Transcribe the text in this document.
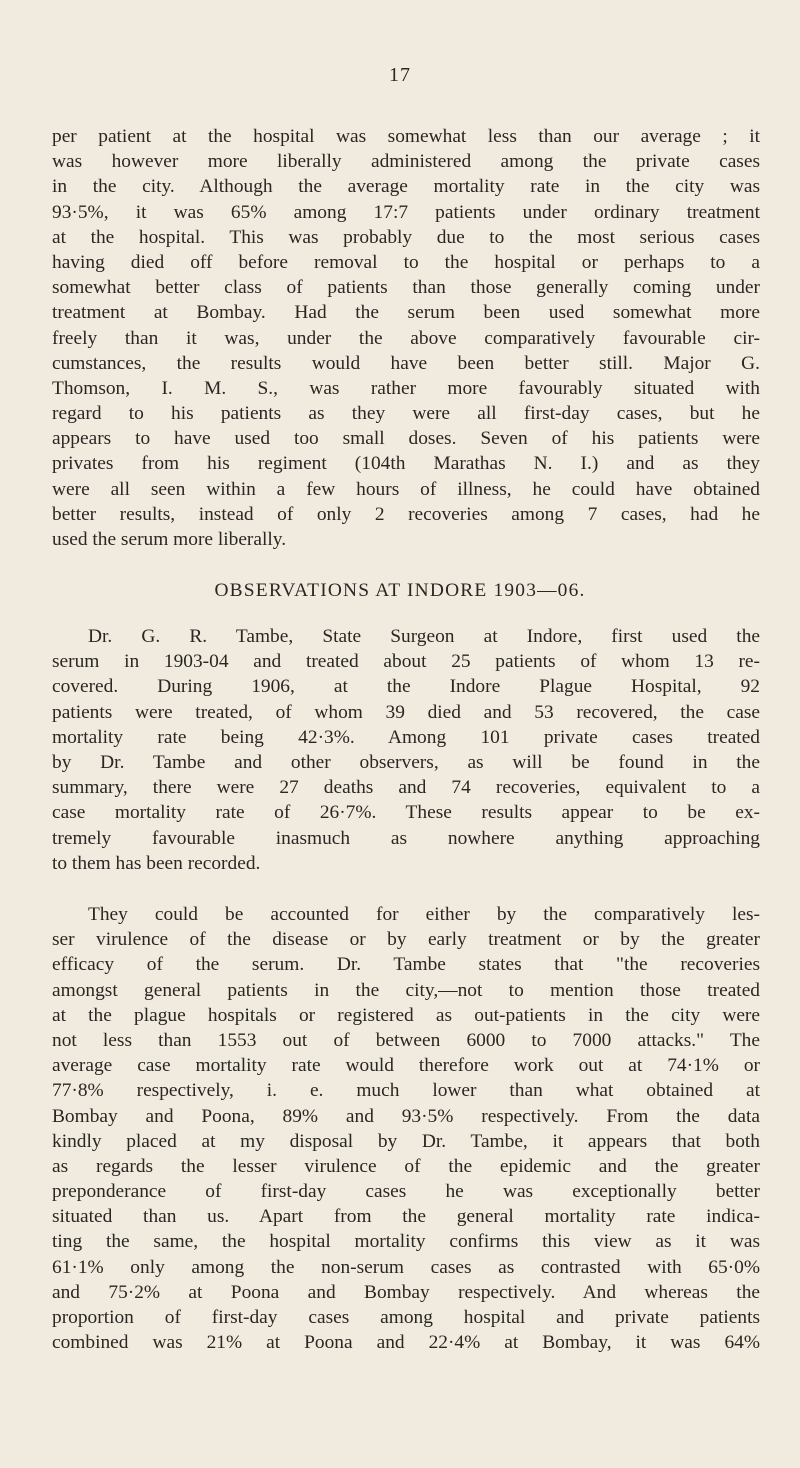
17
per patient at the hospital was somewhat less than our average ; it
was however more liberally administered among the private cases
in the city. Although the average mortality rate in the city was
93·5%, it was 65% among 17:7 patients under ordinary treatment
at the hospital. This was probably due to the most serious cases
having died off before removal to the hospital or perhaps to a
somewhat better class of patients than those generally coming under
treatment at Bombay. Had the serum been used somewhat more
freely than it was, under the above comparatively favourable cir-
cumstances, the results would have been better still. Major G.
Thomson, I. M. S., was rather more favourably situated with
regard to his patients as they were all first-day cases, but he
appears to have used too small doses. Seven of his patients were
privates from his regiment (104th Marathas N. I.) and as they
were all seen within a few hours of illness, he could have obtained
better results, instead of only 2 recoveries among 7 cases, had he
used the serum more liberally.
OBSERVATIONS AT INDORE 1903—06.
Dr. G. R. Tambe, State Surgeon at Indore, first used the
serum in 1903-04 and treated about 25 patients of whom 13 re-
covered. During 1906, at the Indore Plague Hospital, 92
patients were treated, of whom 39 died and 53 recovered, the case
mortality rate being 42·3%. Among 101 private cases treated
by Dr. Tambe and other observers, as will be found in the
summary, there were 27 deaths and 74 recoveries, equivalent to a
case mortality rate of 26·7%. These results appear to be ex-
tremely favourable inasmuch as nowhere anything approaching
to them has been recorded.
They could be accounted for either by the comparatively les-
ser virulence of the disease or by early treatment or by the greater
efficacy of the serum. Dr. Tambe states that "the recoveries
amongst general patients in the city,—not to mention those treated
at the plague hospitals or registered as out-patients in the city were
not less than 1553 out of between 6000 to 7000 attacks." The
average case mortality rate would therefore work out at 74·1% or
77·8% respectively, i. e. much lower than what obtained at
Bombay and Poona, 89% and 93·5% respectively. From the data
kindly placed at my disposal by Dr. Tambe, it appears that both
as regards the lesser virulence of the epidemic and the greater
preponderance of first-day cases he was exceptionally better
situated than us. Apart from the general mortality rate indica-
ting the same, the hospital mortality confirms this view as it was
61·1% only among the non-serum cases as contrasted with 65·0%
and 75·2% at Poona and Bombay respectively. And whereas the
proportion of first-day cases among hospital and private patients
combined was 21% at Poona and 22·4% at Bombay, it was 64%
